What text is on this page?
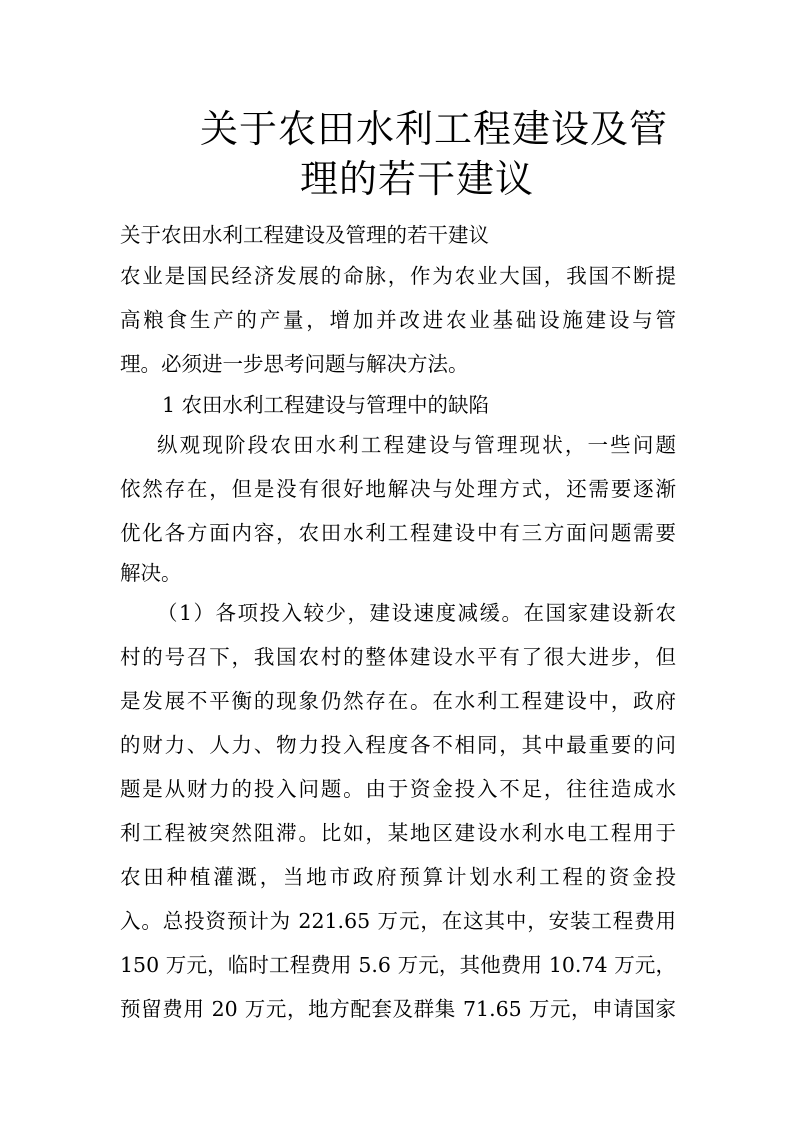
关于农田水利工程建设及管
理的若干建议
关于农田水利工程建设及管理的若干建议
农业是国民经济发展的命脉，作为农业大国，我国不断提
高粮食生产的产量，增加并改进农业基础设施建设与管
理。必须进一步思考问题与解决方法。
1 农田水利工程建设与管理中的缺陷
纵观现阶段农田水利工程建设与管理现状，一些问题
依然存在，但是没有很好地解决与处理方式，还需要逐渐
优化各方面内容，农田水利工程建设中有三方面问题需要
解决。
（1）各项投入较少，建设速度减缓。在国家建设新农
村的号召下，我国农村的整体建设水平有了很大进步，但
是发展不平衡的现象仍然存在。在水利工程建设中，政府
的财力、人力、物力投入程度各不相同，其中最重要的问
题是从财力的投入问题。由于资金投入不足，往往造成水
利工程被突然阻滞。比如，某地区建设水利水电工程用于
农田种植灌溉，当地市政府预算计划水利工程的资金投
入。总投资预计为 221.65 万元，在这其中，安装工程费用
150 万元，临时工程费用 5.6 万元，其他费用 10.74 万元，
预留费用 20 万元，地方配套及群集 71.65 万元，申请国家
